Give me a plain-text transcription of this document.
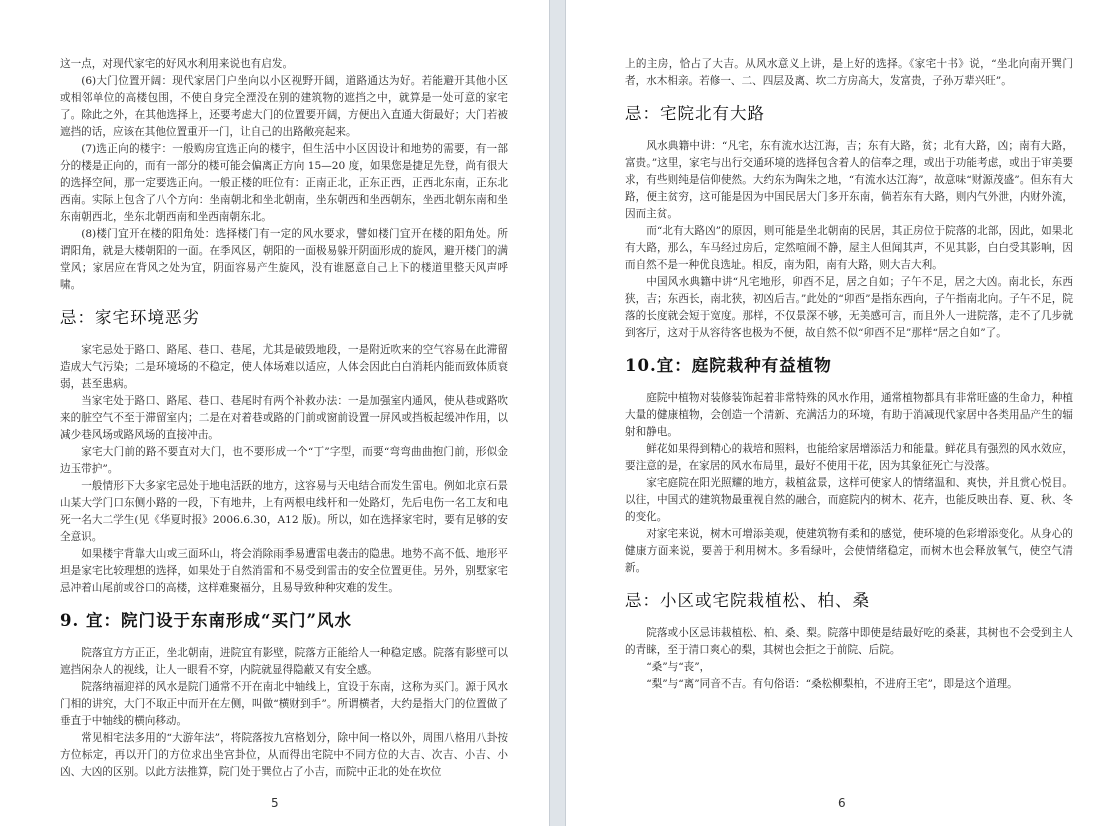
这一点，对现代家宅的好风水利用来说也有启发。

(6)大门位置开阔：现代家居门户坐向以小区视野开阔，道路通达为好。若能避开其他小区或相邻单位的高楼包围，不使自身完全湮没在别的建筑物的遮挡之中，就算是一处可意的家宅了。除此之外，在其他选择上，还要考虑大门的位置要开阔，方便出入直通大街最好；大门若被遮挡的话，应该在其他位置重开一门，让自己的出路敞亮起来。

(7)选正向的楼宇：一般购房宜选正向的楼宇，但生活中小区因设计和地势的需要，有一部分的楼是正向的，而有一部分的楼可能会偏离正方向 15—20 度，如果您是捷足先登，尚有很大的选择空间，那一定要选正向。一般正楼的旺位有：正南正北，正东正西，正西北东南，正东北西南。实际上包含了八个方向：坐南朝北和坐北朝南，坐东朝西和坐西朝东，坐西北朝东南和坐东南朝西北，坐东北朝西南和坐西南朝东北。

(8)楼门宜开在楼的阳角处：选择楼门有一定的风水要求，譬如楼门宜开在楼的阳角处。所谓阳角，就是大楼朝阳的一面。在季风区，朝阳的一面极易躲开阴面形成的旋风，避开楼门的满堂风；家居应在背风之处为宜，阴面容易产生旋风，没有谁愿意自己上下的楼道里整天风声呼啸。

忌：家宅环境恶劣

家宅忌处于路口、路尾、巷口、巷尾，尤其是破毁地段，一是附近吹来的空气容易在此滞留造成大气污染；二是环境场的不稳定，使人体场难以适应，人体会因此白白消耗内能而致体质衰弱，甚至患病。

当家宅处于路口、路尾、巷口、巷尾时有两个补救办法：一是加强室内通风，使从巷或路吹来的脏空气不至于滞留室内；二是在对着巷或路的门前或窗前设置一屏风或挡板起缓冲作用，以减少巷风场或路风场的直接冲击。

家宅大门前的路不要直对大门，也不要形成一个“丁”字型，而要“弯弯曲曲抱门前，形似金边玉带护”。

一般情形下大多家宅忌处于地电活跃的地方，这容易与天电结合而发生雷电。例如北京石景山某大学门口东侧小路的一段，下有地井，上有两根电线杆和一处路灯，先后电伤一名工友和电死一名大二学生(见《华夏时报》2006.6.30，A12 版)。所以，如在选择家宅时，要有足够的安全意识。

如果楼宇背靠大山或三面环山，将会消除雨季易遭雷电袭击的隐患。地势不高不低、地形平坦是家宅比较理想的选择，如果处于自然消雷和不易受到雷击的安全位置更佳。另外，别墅家宅忌冲着山尾前或谷口的高楼，这样难聚福分，且易导致种种灾难的发生。

9. 宜：院门设于东南形成“买门”风水

院落宜方方正正，坐北朝南，进院宜有影壁，院落方正能给人一种稳定感。院落有影壁可以遮挡闲杂人的视线，让人一眼看不穿，内院就显得隐蔽又有安全感。

院落纳福迎祥的风水是院门通常不开在南北中轴线上，宜设于东南，这称为买门。源于风水门相的讲究，大门不取正中而开在左侧，叫做“横财到手”。所谓横者，大约是指大门的位置做了垂直于中轴线的横向移动。

常见相宅法多用的“大游年法”，将院落按九宫格划分，除中间一格以外，周围八格用八卦按方位标定，再以开门的方位求出坐宫卦位，从而得出宅院中不同方位的大吉、次吉、小吉、小凶、大凶的区别。以此方法推算，院门处于巽位占了小吉，而院中正北的处在坎位

5

上的主房，恰占了大吉。从风水意义上讲，是上好的选择。《家宅十书》说，“坐北向南开巽门者，水木相亲。若修一、二、四层及离、坎二方房高大，发富贵，子孙万辈兴旺”。

忌：宅院北有大路

风水典籍中讲：“凡宅，东有流水达江海，吉；东有大路，贫；北有大路，凶；南有大路，富贵。”这里，家宅与出行交通环境的选择包含着人的信奉之理，或出于功能考虑，或出于审美要求，有些则纯是信仰使然。大约东为陶朱之地，“有流水达江海”，故意味“财源茂盛”。但东有大路，便主贫穷，这可能是因为中国民居大门多开东南，倘若东有大路，则内气外泄，内财外流，因而主贫。

而“北有大路凶”的原因，则可能是坐北朝南的民居，其正房位于院落的北部，因此，如果北有大路，那么，车马经过房后，定然喧闹不静，屋主人但闻其声，不见其影，白白受其影响，因而自然不是一种优良选址。相反，南为阳，南有大路，则大吉大利。

中国风水典籍中讲“凡宅地形，卯酉不足，居之自如；子午不足，居之大凶。南北长，东西狭，吉；东西长，南北狭，初凶后吉。”此处的“卯酉”是指东西向，子午指南北向。子午不足，院落的长度就会短于宽度。那样，不仅景深不够，无美感可言，而且外人一进院落，走不了几步就到客厅，这对于从容待客也极为不便，故自然不似“卯酉不足”那样“居之自如”了。

10.宜：庭院栽种有益植物

庭院中植物对装修装饰起着非常特殊的风水作用，通常植物都具有非常旺盛的生命力，种植大量的健康植物，会创造一个清新、充满活力的环境，有助于消减现代家居中各类用品产生的辐射和静电。

鲜花如果得到精心的栽培和照料，也能给家居增添活力和能量。鲜花具有强烈的风水效应，要注意的是，在家居的风水布局里，最好不使用干花，因为其象征死亡与没落。

家宅庭院在阳光照耀的地方，栽植盆景，这样可使家人的情绪温和、爽快，并且赏心悦目。以往，中国式的建筑物最重视自然的融合，而庭院内的树木、花卉，也能反映出春、夏、秋、冬的变化。

对家宅来说，树木可增添美观，使建筑物有柔和的感觉，使环境的色彩增添变化。从身心的健康方面来说，要善于利用树木。多看绿叶，会使情绪稳定，而树木也会释放氧气，使空气清新。

忌：小区或宅院栽植松、柏、桑

院落或小区忌讳栽植松、柏、桑、梨。院落中即使是结最好吃的桑葚，其树也不会受到主人的青睐，至于清口爽心的梨，其树也会拒之于前院、后院。

“桑”与“丧”，

“梨”与“离”同音不吉。有句俗语：“桑松柳梨柏，不进府王宅”，即是这个道理。

6
